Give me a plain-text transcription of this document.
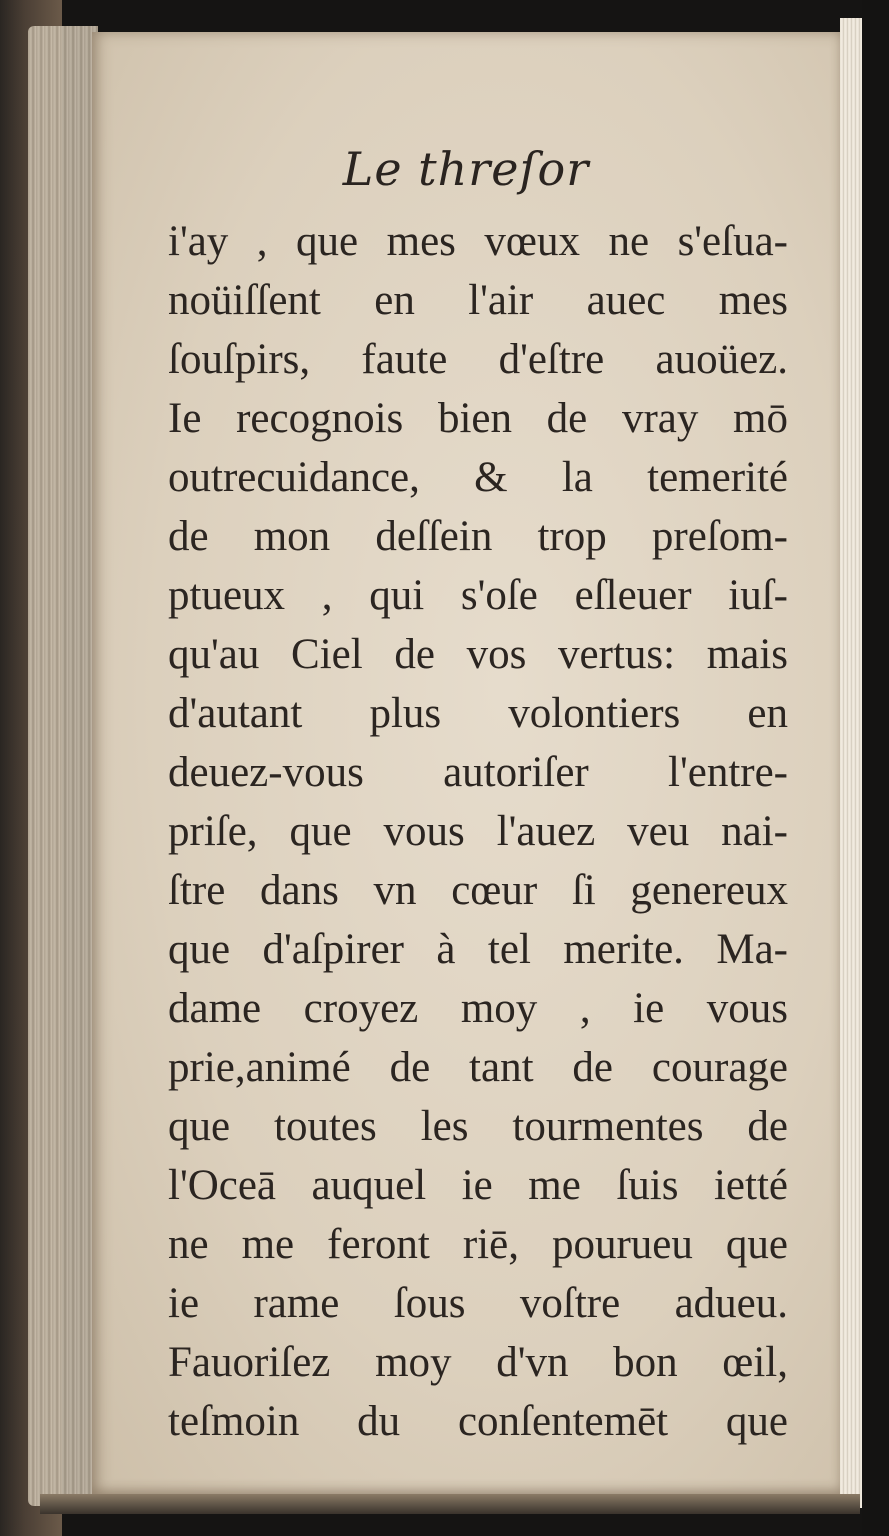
Le threſor
i'ay , que mes vœux ne s'eſua-
noüiſſent en l'air auec mes
ſouſpirs, faute d'eſtre auoüez.
Ie recognois bien de vray mō
outrecuidance, & la temerité
de mon deſſein trop preſom-
ptueux , qui s'oſe eſleuer iuſ-
qu'au Ciel de vos vertus: mais
d'autant plus volontiers en
deuez-vous autoriſer l'entre-
priſe, que vous l'auez veu nai-
ſtre dans vn cœur ſi genereux
que d'aſpirer à tel merite. Ma-
dame croyez moy , ie vous
prie,animé de tant de courage
que toutes les tourmentes de
l'Oceā auquel ie me ſuis ietté
ne me feront riē, pourueu que
ie rame ſous voſtre adueu.
Fauoriſez moy d'vn bon œil,
teſmoin du conſentemēt que
